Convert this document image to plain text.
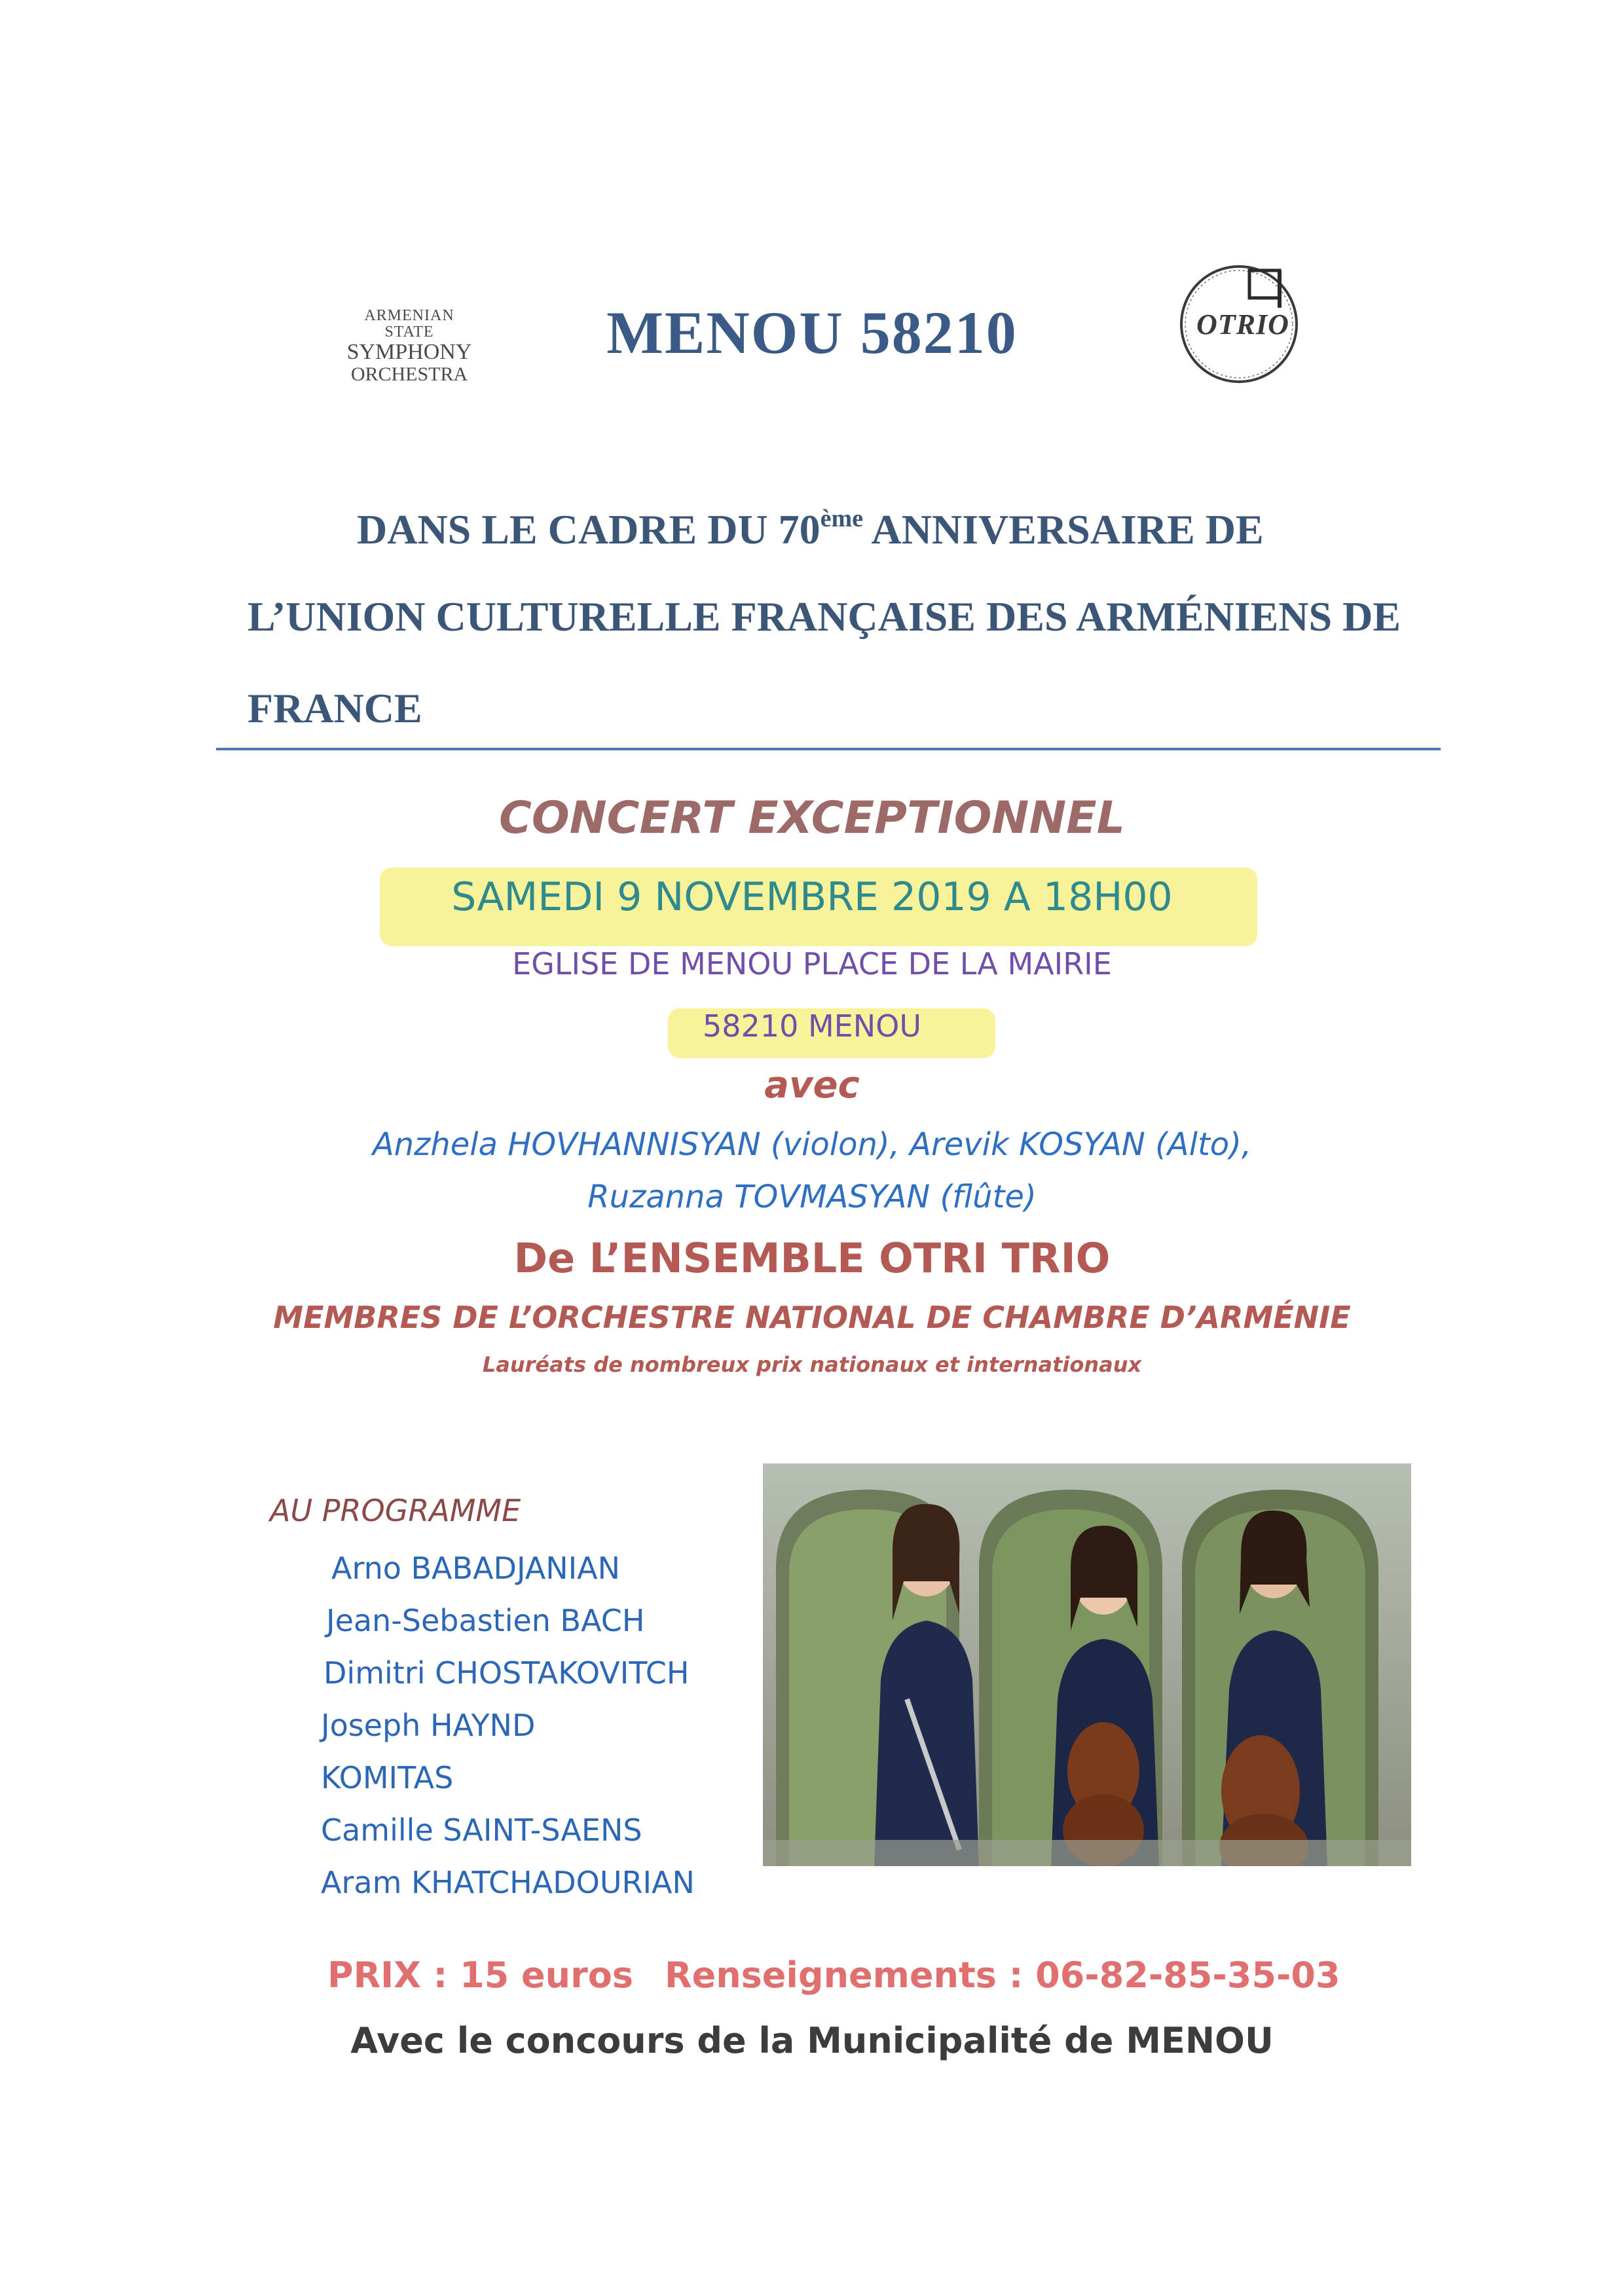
ARMENIAN STATE
SYMPHONY
ORCHESTRA
MENOU 58210	OTRIO
DANS LE CADRE DU 70ème ANNIVERSAIRE DE
L’UNION CULTURELLE FRANÇAISE DES ARMÉNIENS DE
FRANCE
CONCERT EXCEPTIONNEL
SAMEDI 9 NOVEMBRE 2019 A 18H00
EGLISE DE MENOU PLACE DE LA MAIRIE
58210 MENOU
avec
Anzhela HOVHANNISYAN (violon), Arevik KOSYAN (Alto),
Ruzanna TOVMASYAN (flûte)
De L’ENSEMBLE OTRI TRIO
MEMBRES DE L’ORCHESTRE NATIONAL DE CHAMBRE D’ARMÉNIE
Lauréats de nombreux prix nationaux et internationaux
AU PROGRAMME
Arno BABADJANIAN
Jean-Sebastien BACH
Dimitri CHOSTAKOVITCH
Joseph HAYND
KOMITAS
Camille SAINT-SAENS
Aram KHATCHADOURIAN
PRIX : 15 euros Renseignements : 06-82-85-35-03
Avec le concours de la Municipalité de MENOU
